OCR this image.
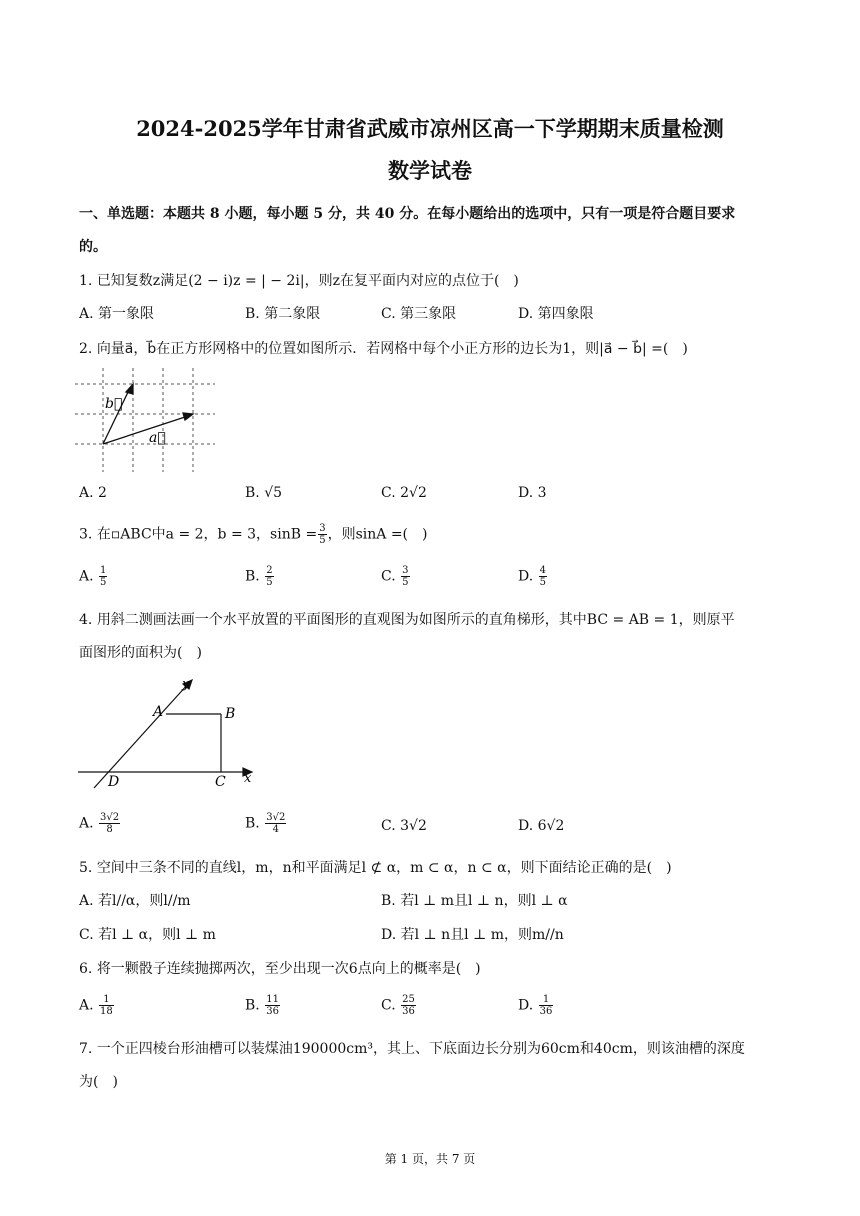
2024-2025学年甘肃省武威市凉州区高一下学期期末质量检测
数学试卷
一、单选题：本题共 8 小题，每小题 5 分，共 40 分。在每小题给出的选项中，只有一项是符合题目要求
的。
1. 已知复数z满足(2 − i)z = | − 2i|，则z在复平面内对应的点位于(　)
A. 第一象限	B. 第二象限	C. 第三象限	D. 第四象限
2. 向量a⃗，b⃗在正方形网格中的位置如图所示．若网格中每个小正方形的边长为1，则|a⃗ − b⃗| =(　)
b⃗
a⃗
A. 2	B. √5	C. 2√2	D. 3
3. 在▫ABC中a = 2，b = 3，$\sin B = \frac{3}{5}$ ，则sinA =(　)
A. $\frac{1}{5}$	B. $\frac{2}{5}$	C. $\frac{3}{5}$	D. $\frac{4}{5}$
4. 用斜二测画法画一个水平放置的平面图形的直观图为如图所示的直角梯形，其中BC = AB = 1，则原平
面图形的面积为(　)
y
x
A	B
C
D
A. $\frac{3√2}{8}$	B. $\frac{3√2}{4}$	C. 3√2	D. 6√2
5. 空间中三条不同的直线l，m，n和平面满足l ⊄ α，m ⊂ α，n ⊂ α，则下面结论正确的是(　)
A. 若l//α，则l//m	B. 若l ⊥ m且l ⊥ n，则l ⊥ α
C. 若l ⊥ α，则l ⊥ m	D. 若l ⊥ n且l ⊥ m，则m//n
6. 将一颗骰子连续抛掷两次，至少出现一次6点向上的概率是(　)
A. $\frac{1}{18}$	B. $\frac{11}{36}$	C. $\frac{25}{36}$	D. $\frac{1}{36}$
7. 一个正四棱台形油槽可以装煤油190000cm³，其上、下底面边长分别为60cm和40cm，则该油槽的深度
为(　)
第 1 页，共 7 页
